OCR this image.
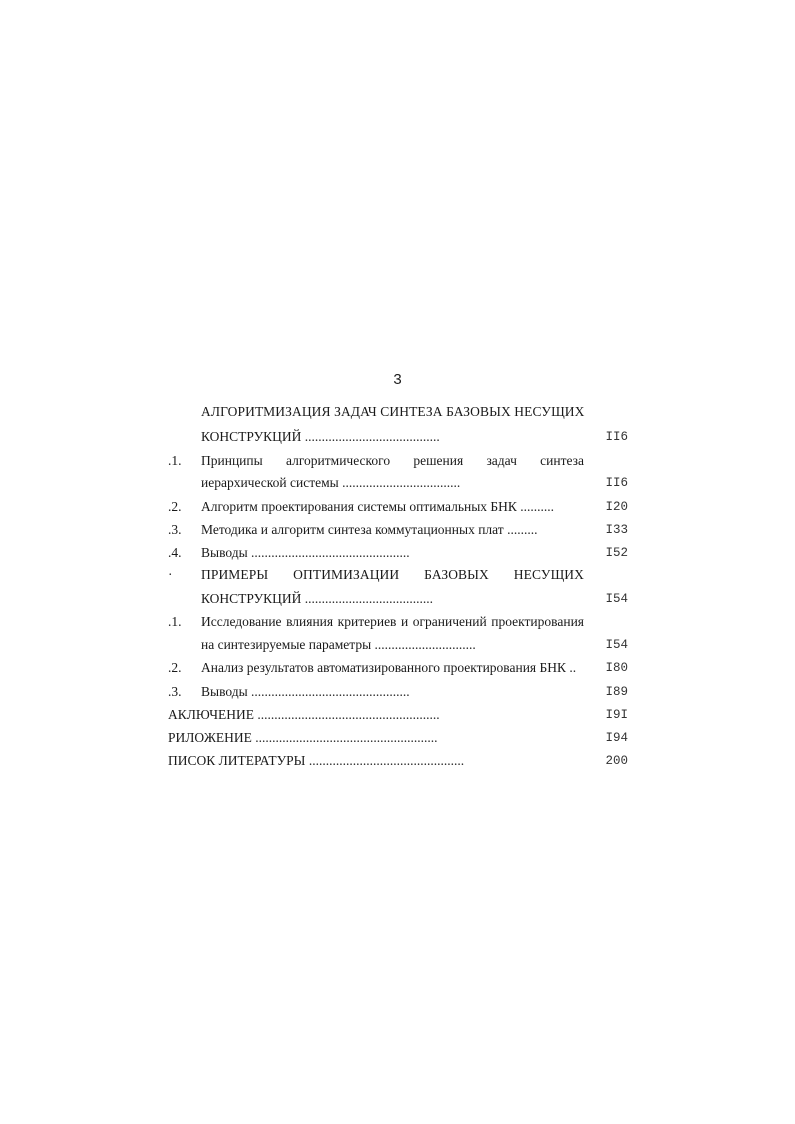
3
АЛГОРИТМИЗАЦИЯ ЗАДАЧ СИНТЕЗА БАЗОВЫХ НЕСУЩИХ
КОНСТРУКЦИЙ ........................................	II6
.1. Принципы алгоритмического решения задач синтеза
иерархической системы ...................................	II6
.2. Алгоритм проектирования системы оптимальных БНК ..........	I20
.3. Методика и алгоритм синтеза коммутационных плат .........	I33
.4. Выводы ...............................................	I52
· ПРИМЕРЫ ОПТИМИЗАЦИИ БАЗОВЫХ НЕСУЩИХ
КОНСТРУКЦИЙ ......................................	I54
.1. Исследование влияния критериев и ограничений проектирования
на синтезируемые параметры ..............................	I54
.2. Анализ результатов автоматизированного проектирования БНК .. I80
.3. Выводы ...............................................	I89
АКЛЮЧЕНИЕ ......................................................	I9I
РИЛОЖЕНИЕ ......................................................	I94
ПИСОК ЛИТЕРАТУРЫ ..............................................	200
